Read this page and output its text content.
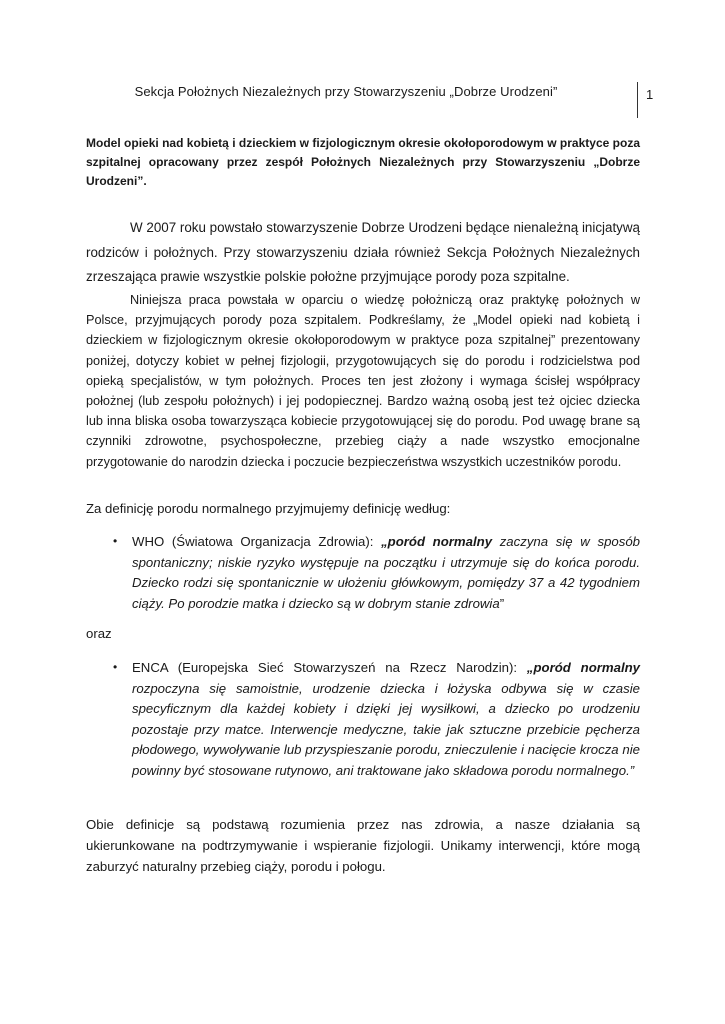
Sekcja Położnych Niezależnych przy Stowarzyszeniu „Dobrze Urodzeni”	1
Model opieki nad kobietą i dzieckiem w fizjologicznym okresie okołoporodowym w praktyce poza szpitalnej opracowany przez zespół Położnych Niezależnych przy Stowarzyszeniu „Dobrze Urodzeni”.
W 2007 roku powstało stowarzyszenie Dobrze Urodzeni będące nienależną inicjatywą rodziców i położnych. Przy stowarzyszeniu działa również Sekcja Położnych Niezależnych zrzeszająca prawie wszystkie polskie położne przyjmujące porody poza szpitalne.
Niniejsza praca powstała w oparciu o wiedzę położniczą oraz praktykę położnych w Polsce, przyjmujących porody poza szpitalem. Podkreślamy, że „Model opieki nad kobietą i dzieckiem w fizjologicznym okresie okołoporodowym w praktyce poza szpitalnej” prezentowany poniżej, dotyczy kobiet w pełnej fizjologii, przygotowujących się do porodu i rodzicielstwa pod opieką specjalistów, w tym położnych. Proces ten jest złożony i wymaga ścisłej współpracy położnej (lub zespołu położnych) i jej podopiecznej. Bardzo ważną osobą jest też ojciec dziecka lub inna bliska osoba towarzysząca kobiecie przygotowującej się do porodu. Pod uwagę brane są czynniki zdrowotne, psychospołeczne, przebieg ciąży a nade wszystko emocjonalne przygotowanie do narodzin dziecka i poczucie bezpieczeństwa wszystkich uczestników porodu.
Za definicję porodu normalnego przyjmujemy definicję według:
• WHO (Światowa Organizacja Zdrowia): „poród normalny zaczyna się w sposób spontaniczny; niskie ryzyko występuje na początku i utrzymuje się do końca porodu. Dziecko rodzi się spontanicznie w ułożeniu główkowym, pomiędzy 37 a 42 tygodniem ciąży. Po porodzie matka i dziecko są w dobrym stanie zdrowia”
oraz
• ENCA (Europejska Sieć Stowarzyszeń na Rzecz Narodzin): „poród normalny rozpoczyna się samoistnie, urodzenie dziecka i łożyska odbywa się w czasie specyficznym dla każdej kobiety i dzięki jej wysiłkowi, a dziecko po urodzeniu pozostaje przy matce. Interwencje medyczne, takie jak sztuczne przebicie pęcherza płodowego, wywoływanie lub przyspieszanie porodu, znieczulenie i nacięcie krocza nie powinny być stosowane rutynowo, ani traktowane jako składowa porodu normalnego.”
Obie definicje są podstawą rozumienia przez nas zdrowia, a nasze działania są ukierunkowane na podtrzymywanie i wspieranie fizjologii. Unikamy interwencji, które mogą zaburzyć naturalny przebieg ciąży, porodu i połogu.
